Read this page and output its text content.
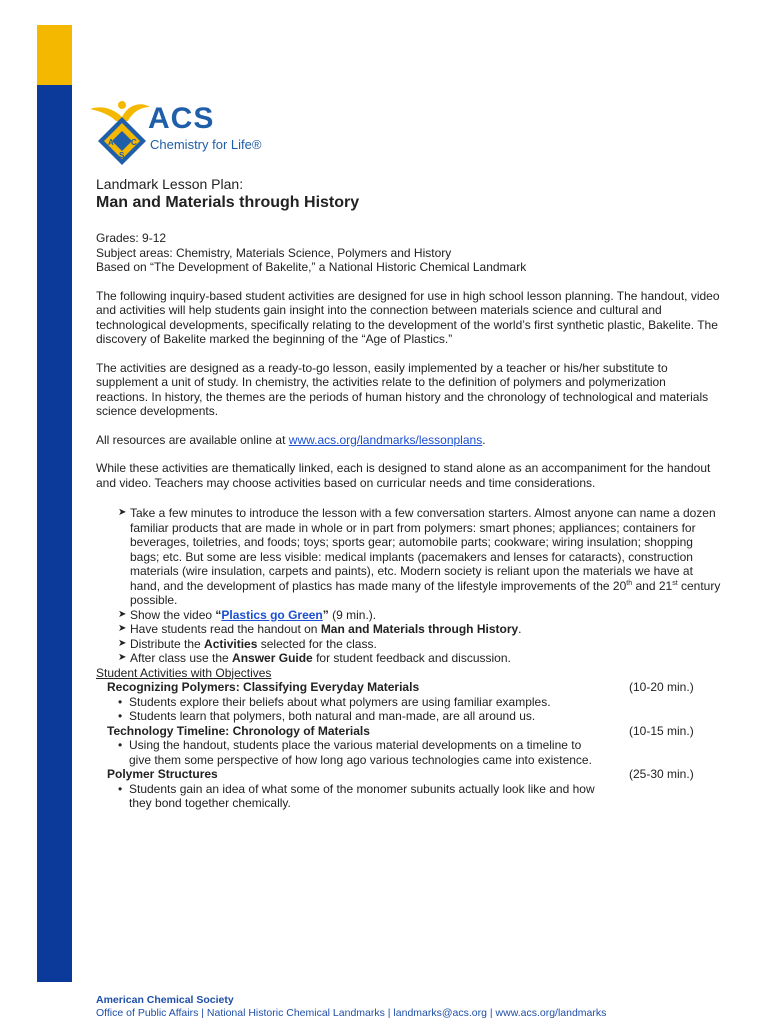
A C
S
ACS
Chemistry for Life®

Landmark Lesson Plan:

Man and Materials through History

Grades: 9-12

Subject areas: Chemistry, Materials Science, Polymers and History

Based on “The Development of Bakelite,” a National Historic Chemical Landmark

The following inquiry-based student activities are designed for use in high school lesson planning. The handout, video and activities will help students gain insight into the connection between materials science and cultural and technological developments, specifically relating to the development of the world’s first synthetic plastic, Bakelite. The discovery of Bakelite marked the beginning of the “Age of Plastics.”

The activities are designed as a ready-to-go lesson, easily implemented by a teacher or his/her substitute to supplement a unit of study. In chemistry, the activities relate to the definition of polymers and polymerization reactions. In history, the themes are the periods of human history and the chronology of technological and materials science developments.

All resources are available online at www.acs.org/landmarks/lessonplans.

While these activities are thematically linked, each is designed to stand alone as an accompaniment for the handout and video. Teachers may choose activities based on curricular needs and time considerations.

➤ Take a few minutes to introduce the lesson with a few conversation starters. Almost anyone can name a dozen familiar products that are made in whole or in part from polymers: smart phones; appliances; containers for beverages, toiletries, and foods; toys; sports gear; automobile parts; cookware; wiring insulation; shopping bags; etc. But some are less visible: medical implants (pacemakers and lenses for cataracts), construction materials (wire insulation, carpets and paints), etc. Modern society is reliant upon the materials we have at hand, and the development of plastics has made many of the lifestyle improvements of the 20th and 21st century possible.
➤ Show the video “Plastics go Green” (9 min.).
➤ Have students read the handout on Man and Materials through History.
➤ Distribute the Activities selected for the class.
➤ After class use the Answer Guide for student feedback and discussion.

Student Activities with Objectives

Recognizing Polymers: Classifying Everyday Materials	(10-20 min.)
• Students explore their beliefs about what polymers are using familiar examples.
• Students learn that polymers, both natural and man-made, are all around us.
Technology Timeline: Chronology of Materials	(10-15 min.)
• Using the handout, students place the various material developments on a timeline to give them some perspective of how long ago various technologies came into existence.
Polymer Structures	(25-30 min.)
• Students gain an idea of what some of the monomer subunits actually look like and how they bond together chemically.
American Chemical Society
Office of Public Affairs | National Historic Chemical Landmarks | landmarks@acs.org | www.acs.org/landmarks
